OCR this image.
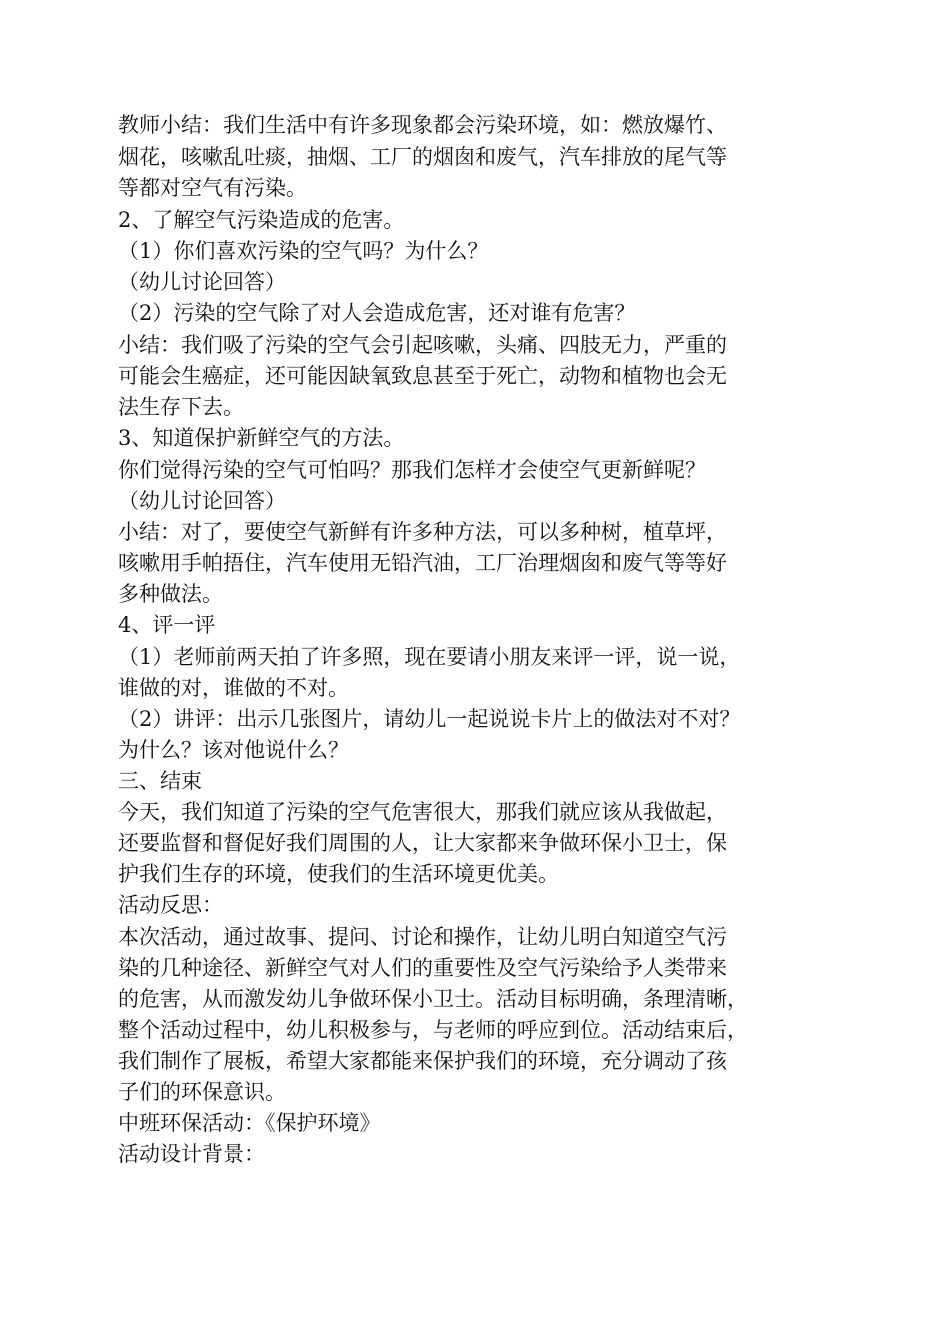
教师小结：我们生活中有许多现象都会污染环境，如：燃放爆竹、
烟花，咳嗽乱吐痰，抽烟、工厂的烟囱和废气，汽车排放的尾气等
等都对空气有污染。
2、了解空气污染造成的危害。
（1）你们喜欢污染的空气吗？为什么？
（幼儿讨论回答）
（2）污染的空气除了对人会造成危害，还对谁有危害？
小结：我们吸了污染的空气会引起咳嗽，头痛、四肢无力，严重的
可能会生癌症，还可能因缺氧致息甚至于死亡，动物和植物也会无
法生存下去。
3、知道保护新鲜空气的方法。
你们觉得污染的空气可怕吗？那我们怎样才会使空气更新鲜呢？
（幼儿讨论回答）
小结：对了，要使空气新鲜有许多种方法，可以多种树，植草坪，
咳嗽用手帕捂住，汽车使用无铅汽油，工厂治理烟囱和废气等等好
多种做法。
4、评一评
（1）老师前两天拍了许多照，现在要请小朋友来评一评，说一说，
谁做的对，谁做的不对。
（2）讲评：出示几张图片，请幼儿一起说说卡片上的做法对不对？
为什么？该对他说什么？
三、结束
今天，我们知道了污染的空气危害很大，那我们就应该从我做起，
还要监督和督促好我们周围的人，让大家都来争做环保小卫士，保
护我们生存的环境，使我们的生活环境更优美。
活动反思：
本次活动，通过故事、提问、讨论和操作，让幼儿明白知道空气污
染的几种途径、新鲜空气对人们的重要性及空气污染给予人类带来
的危害，从而激发幼儿争做环保小卫士。活动目标明确，条理清晰，
整个活动过程中，幼儿积极参与，与老师的呼应到位。活动结束后，
我们制作了展板，希望大家都能来保护我们的环境，充分调动了孩
子们的环保意识。
中班环保活动：《保护环境》
活动设计背景：
